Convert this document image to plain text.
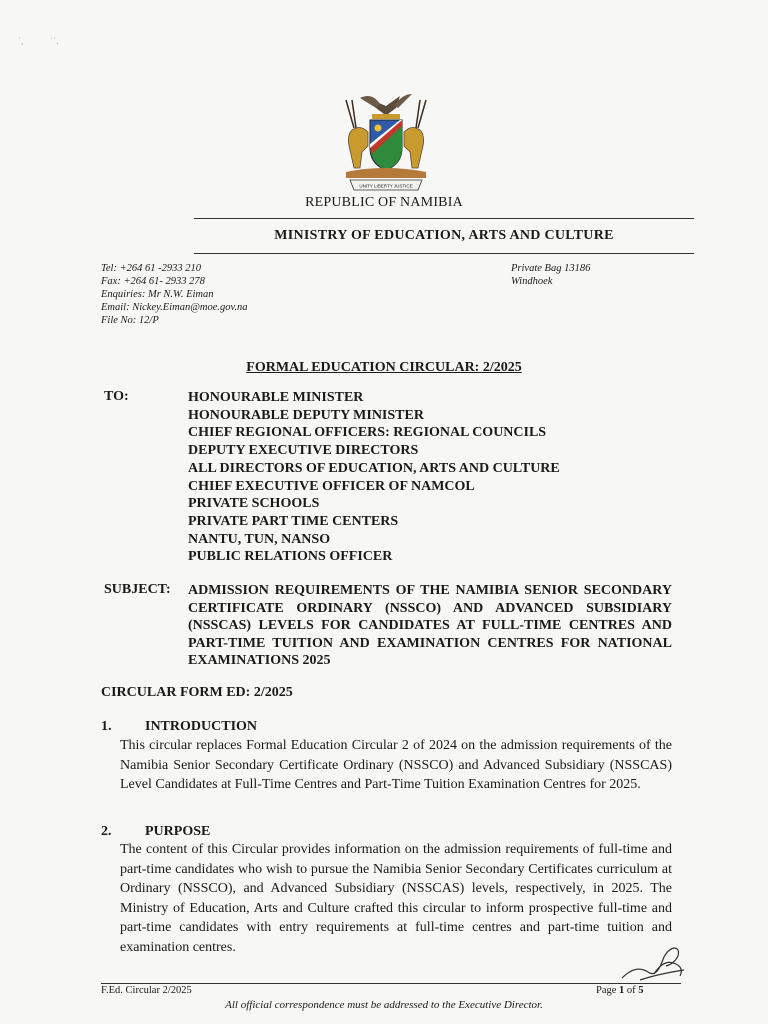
˙,            ˙˙.
UNITY LIBERTY JUSTICE
REPUBLIC OF NAMIBIA
MINISTRY OF EDUCATION, ARTS AND CULTURE
Tel: +264 61 -2933 210
Fax: +264 61- 2933 278
Enquiries: Mr N.W. Eiman
Email: Nickey.Eiman@moe.gov.na
File No: 12/P
Private Bag 13186
Windhoek
FORMAL EDUCATION CIRCULAR: 2/2025
TO:	HONOURABLE MINISTER
HONOURABLE DEPUTY MINISTER
CHIEF REGIONAL OFFICERS: REGIONAL COUNCILS
DEPUTY EXECUTIVE DIRECTORS
ALL DIRECTORS OF EDUCATION, ARTS AND CULTURE
CHIEF EXECUTIVE OFFICER OF NAMCOL
PRIVATE SCHOOLS
PRIVATE PART TIME CENTERS
NANTU, TUN, NANSO
PUBLIC RELATIONS OFFICER
SUBJECT: ADMISSION REQUIREMENTS OF THE NAMIBIA SENIOR SECONDARY CERTIFICATE ORDINARY (NSSCO) AND ADVANCED SUBSIDIARY (NSSCAS) LEVELS FOR CANDIDATES AT FULL-TIME CENTRES AND PART-TIME TUITION AND EXAMINATION CENTRES FOR NATIONAL EXAMINATIONS 2025
CIRCULAR FORM ED: 2/2025
1. INTRODUCTION
This circular replaces Formal Education Circular 2 of 2024 on the admission requirements of the Namibia Senior Secondary Certificate Ordinary (NSSCO) and Advanced Subsidiary (NSSCAS) Level Candidates at Full-Time Centres and Part-Time Tuition Examination Centres for 2025.
2. PURPOSE
The content of this Circular provides information on the admission requirements of full-time and part-time candidates who wish to pursue the Namibia Senior Secondary Certificates curriculum at Ordinary (NSSCO), and Advanced Subsidiary (NSSCAS) levels, respectively, in 2025. The Ministry of Education, Arts and Culture crafted this circular to inform prospective full-time and part-time candidates with entry requirements at full-time centres and part-time tuition and examination centres.
F.Ed. Circular 2/2025	Page 1 of 5
All official correspondence must be addressed to the Executive Director.
